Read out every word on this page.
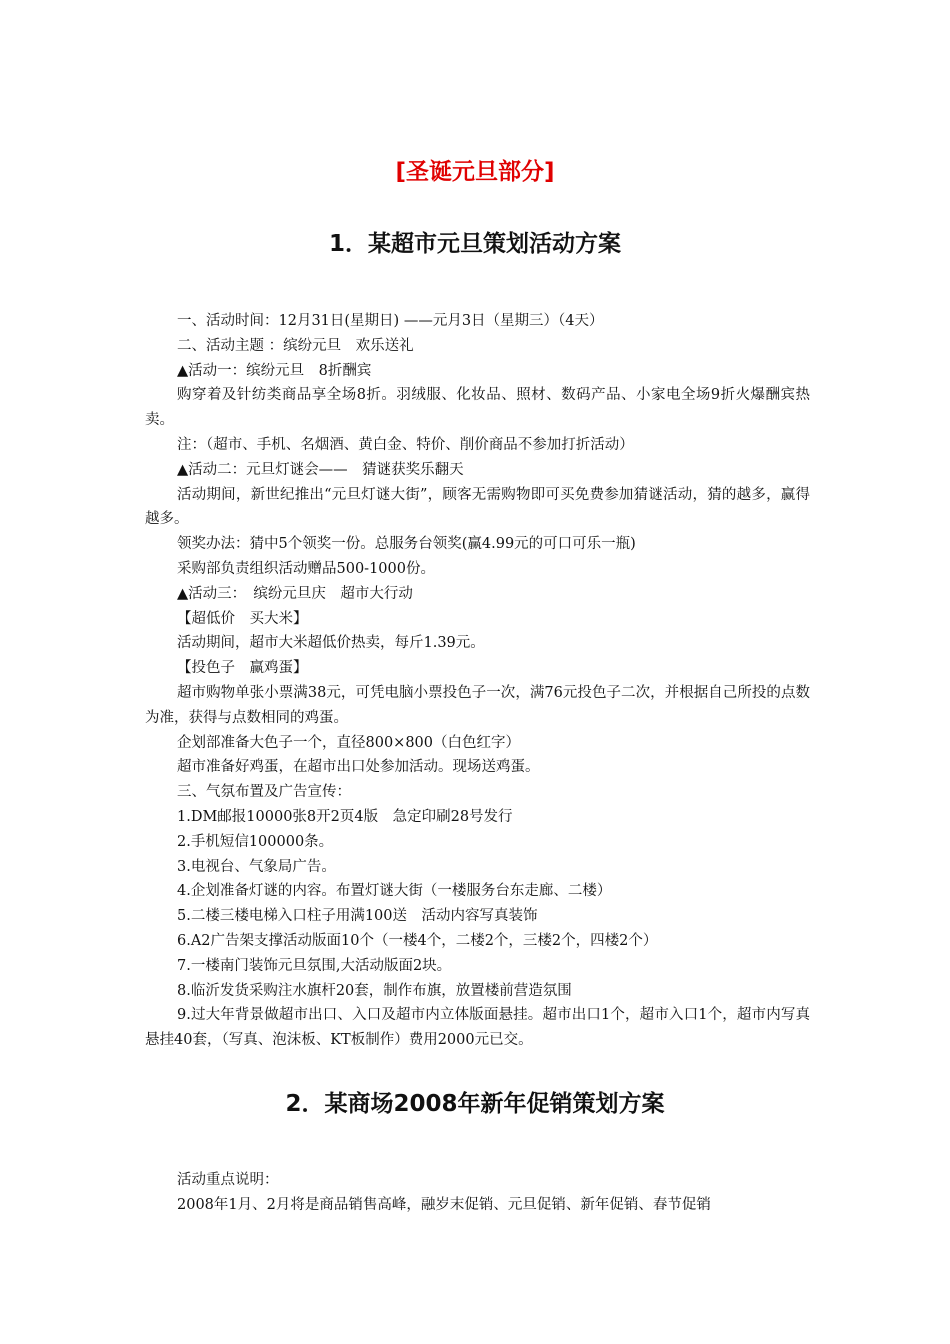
[圣诞元旦部分]
1．某超市元旦策划活动方案
一、活动时间：12月31日(星期日) ——元月3日（星期三）（4天）
二、活动主题 ：缤纷元旦　欢乐送礼
▲活动一：缤纷元旦　8折酬宾
购穿着及针纺类商品享全场8折。羽绒服、化妆品、照材、数码产品、小家电全场9折火爆酬宾热卖。
注：（超市、手机、名烟酒、黄白金、特价、削价商品不参加打折活动）
▲活动二：元旦灯谜会——　猜谜获奖乐翻天
活动期间，新世纪推出“元旦灯谜大街”，顾客无需购物即可买免费参加猜谜活动，猜的越多，赢得越多。
领奖办法：猜中5个领奖一份。总服务台领奖(赢4.99元的可口可乐一瓶)
采购部负责组织活动赠品500-1000份。
▲活动三：　缤纷元旦庆　超市大行动
【超低价　买大米】
活动期间，超市大米超低价热卖，每斤1.39元。
【投色子　赢鸡蛋】
超市购物单张小票满38元，可凭电脑小票投色子一次，满76元投色子二次，并根据自己所投的点数为准，获得与点数相同的鸡蛋。
企划部准备大色子一个，直径800×800（白色红字）
超市准备好鸡蛋，在超市出口处参加活动。现场送鸡蛋。
三、气氛布置及广告宣传：
1.DM邮报10000张8开2页4版　急定印刷28号发行
2.手机短信100000条。
3.电视台、气象局广告。
4.企划准备灯谜的内容。布置灯谜大街（一楼服务台东走廊、二楼）
5.二楼三楼电梯入口柱子用满100送　活动内容写真装饰
6.A2广告架支撑活动版面10个（一楼4个，二楼2个，三楼2个，四楼2个）
7.一楼南门装饰元旦氛围,大活动版面2块。
8.临沂发货采购注水旗杆20套，制作布旗，放置楼前营造氛围
9.过大年背景做超市出口、入口及超市内立体版面悬挂。超市出口1个，超市入口1个，超市内写真悬挂40套，（写真、泡沫板、KT板制作）费用2000元已交。
2．某商场2008年新年促销策划方案
活动重点说明：
2008年1月、2月将是商品销售高峰，融岁末促销、元旦促销、新年促销、春节促销
